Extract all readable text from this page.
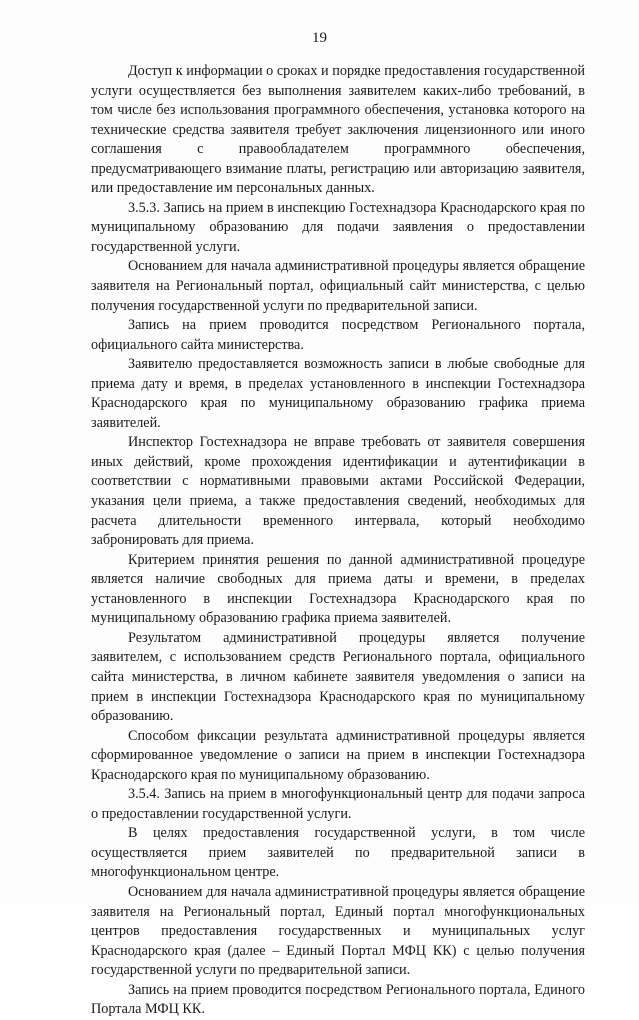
19

Доступ к информации о сроках и порядке предоставления государственной услуги осуществляется без выполнения заявителем каких-либо требований, в том числе без использования программного обеспечения, установка которого на технические средства заявителя требует заключения лицензионного или иного соглашения с правообладателем программного обеспечения, предусматривающего взимание платы, регистрацию или авторизацию заявителя, или предоставление им персональных данных.

3.5.3. Запись на прием в инспекцию Гостехнадзора Краснодарского края по муниципальному образованию для подачи заявления о предоставлении государственной услуги.

Основанием для начала административной процедуры является обращение заявителя на Региональный портал, официальный сайт министерства, с целью получения государственной услуги по предварительной записи.

Запись на прием проводится посредством Регионального портала, официального сайта министерства.

Заявителю предоставляется возможность записи в любые свободные для приема дату и время, в пределах установленного в инспекции Гостехнадзора Краснодарского края по муниципальному образованию графика приема заявителей.

Инспектор Гостехнадзора не вправе требовать от заявителя совершения иных действий, кроме прохождения идентификации и аутентификации в соответствии с нормативными правовыми актами Российской Федерации, указания цели приема, а также предоставления сведений, необходимых для расчета длительности временного интервала, который необходимо забронировать для приема.

Критерием принятия решения по данной административной процедуре является наличие свободных для приема даты и времени, в пределах установленного в инспекции Гостехнадзора Краснодарского края по муниципальному образованию графика приема заявителей.

Результатом административной процедуры является получение заявителем, с использованием средств Регионального портала, официального сайта министерства, в личном кабинете заявителя уведомления о записи на прием в инспекции Гостехнадзора Краснодарского края по муниципальному образованию.

Способом фиксации результата административной процедуры является сформированное уведомление о записи на прием в инспекции Гостехнадзора Краснодарского края по муниципальному образованию.

3.5.4. Запись на прием в многофункциональный центр для подачи запроса о предоставлении государственной услуги.

В целях предоставления государственной услуги, в том числе осуществляется прием заявителей по предварительной записи в многофункциональном центре.

Основанием для начала административной процедуры является обращение заявителя на Региональный портал, Единый портал многофункциональных центров предоставления государственных и муниципальных услуг Краснодарского края (далее – Единый Портал МФЦ КК) с целью получения государственной услуги по предварительной записи.

Запись на прием проводится посредством Регионального портала, Единого Портала МФЦ КК.
